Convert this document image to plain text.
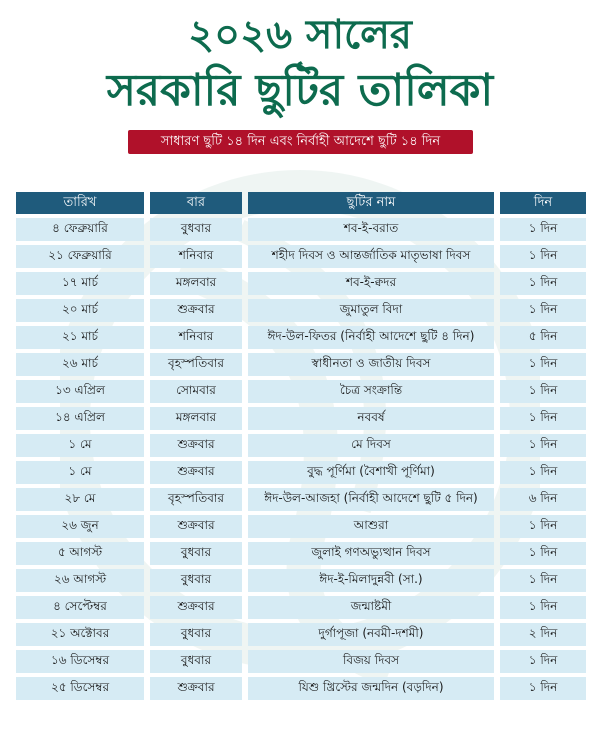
২০২৬ সালের
সরকারি ছুটির তালিকা
সাধারণ ছুটি ১৪ দিন এবং নির্বাহী আদেশে ছুটি ১৪ দিন
তারিখ	বার	ছুটির নাম	দিন
৪ ফেব্রুয়ারি	বুধবার	শব-ই-বরাত	১ দিন
২১ ফেব্রুয়ারি	শনিবার	শহীদ দিবস ও আন্তর্জাতিক মাতৃভাষা দিবস	১ দিন
১৭ মার্চ	মঙ্গলবার	শব-ই-ক্বদর	১ দিন
২০ মার্চ	শুক্রবার	জুমাতুল বিদা	১ দিন
২১ মার্চ	শনিবার	ঈদ-উল-ফিতর (নির্বাহী আদেশে ছুটি ৪ দিন)	৫ দিন
২৬ মার্চ	বৃহস্পতিবার	স্বাধীনতা ও জাতীয় দিবস	১ দিন
১৩ এপ্রিল	সোমবার	চৈত্র সংক্রান্তি	১ দিন
১৪ এপ্রিল	মঙ্গলবার	নববর্ষ	১ দিন
১ মে	শুক্রবার	মে দিবস	১ দিন
১ মে	শুক্রবার	বুদ্ধ পূর্ণিমা (বৈশাখী পূর্ণিমা)	১ দিন
২৮ মে	বৃহস্পতিবার	ঈদ-উল-আজহা (নির্বাহী আদেশে ছুটি ৫ দিন)	৬ দিন
২৬ জুন	শুক্রবার	আশুরা	১ দিন
৫ আগস্ট	বুধবার	জুলাই গণঅভ্যুত্থান দিবস	১ দিন
২৬ আগস্ট	বুধবার	ঈদ-ই-মিলাদুন্নবী (সা.)	১ দিন
৪ সেপ্টেম্বর	শুক্রবার	জন্মাষ্টমী	১ দিন
২১ অক্টোবর	বুধবার	দুর্গাপূজা (নবমী-দশমী)	২ দিন
১৬ ডিসেম্বর	বুধবার	বিজয় দিবস	১ দিন
২৫ ডিসেম্বর	শুক্রবার	যিশু খ্রিস্টের জন্মদিন (বড়দিন)	১ দিন
